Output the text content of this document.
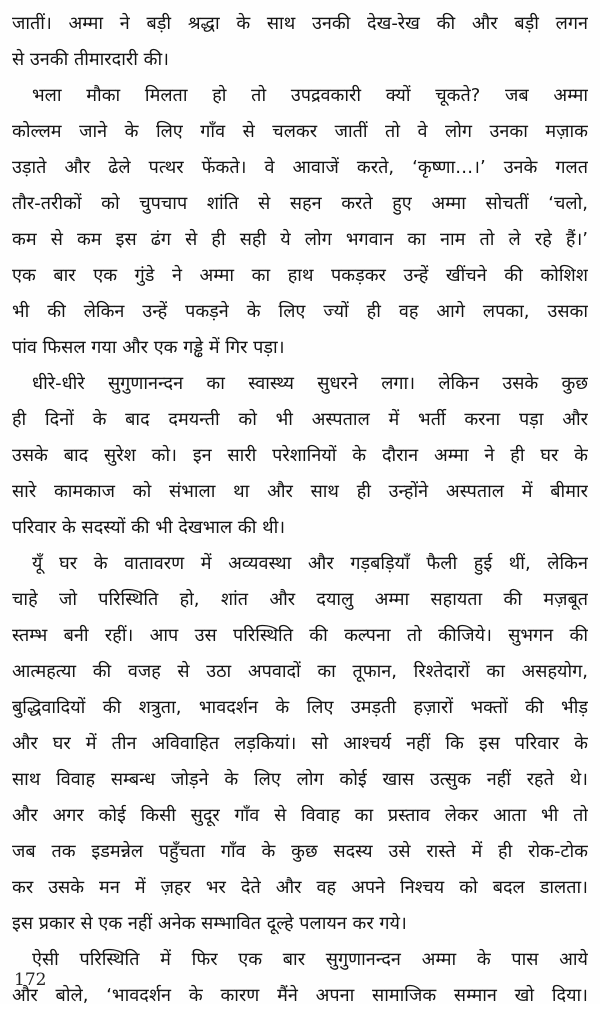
जातीं। अम्मा ने बड़ी श्रद्धा के साथ उनकी देख-रेख की और बड़ी लगन
से उनकी तीमारदारी की।
भला मौका मिलता हो तो उपद्रवकारी क्यों चूकते? जब अम्मा
कोल्लम जाने के लिए गाँव से चलकर जातीं तो वे लोग उनका मज़ाक
उड़ाते और ढेले पत्थर फेंकते। वे आवाजें करते, ‘कृष्णा…।’ उनके गलत
तौर-तरीकों को चुपचाप शांति से सहन करते हुए अम्मा सोचतीं ‘चलो,
कम से कम इस ढंग से ही सही ये लोग भगवान का नाम तो ले रहे हैं।’
एक बार एक गुंडे ने अम्मा का हाथ पकड़कर उन्हें खींचने की कोशिश
भी की लेकिन उन्हें पकड़ने के लिए ज्यों ही वह आगे लपका, उसका
पांव फिसल गया और एक गड्ढे में गिर पड़ा।
धीरे-धीरे सुगुणानन्दन का स्वास्थ्य सुधरने लगा। लेकिन उसके कुछ
ही दिनों के बाद दमयन्ती को भी अस्पताल में भर्ती करना पड़ा और
उसके बाद सुरेश को। इन सारी परेशानियों के दौरान अम्मा ने ही घर के
सारे कामकाज को संभाला था और साथ ही उन्होंने अस्पताल में बीमार
परिवार के सदस्यों की भी देखभाल की थी।
यूँ घर के वातावरण में अव्यवस्था और गड़बड़ियाँ फैली हुई थीं, लेकिन
चाहे जो परिस्थिति हो, शांत और दयालु अम्मा सहायता की मज़बूत
स्तम्भ बनी रहीं। आप उस परिस्थिति की कल्पना तो कीजिये। सुभगन की
आत्महत्या की वजह से उठा अपवादों का तूफान, रिश्तेदारों का असहयोग,
बुद्धिवादियों की शत्रुता, भावदर्शन के लिए उमड़ती हज़ारों भक्तों की भीड़
और घर में तीन अविवाहित लड़कियां। सो आश्चर्य नहीं कि इस परिवार के
साथ विवाह सम्बन्ध जोड़ने के लिए लोग कोई खास उत्सुक नहीं रहते थे।
और अगर कोई किसी सुदूर गाँव से विवाह का प्रस्ताव लेकर आता भी तो
जब तक इडमन्नेल पहुँचता गाँव के कुछ सदस्य उसे रास्ते में ही रोक-टोक
कर उसके मन में ज़हर भर देते और वह अपने निश्चय को बदल डालता।
इस प्रकार से एक नहीं अनेक सम्भावित दूल्हे पलायन कर गये।
ऐसी परिस्थिति में फिर एक बार सुगुणानन्दन अम्मा के पास आये
और बोले, ‘भावदर्शन के कारण मैंने अपना सामाजिक सम्मान खो दिया।
172
